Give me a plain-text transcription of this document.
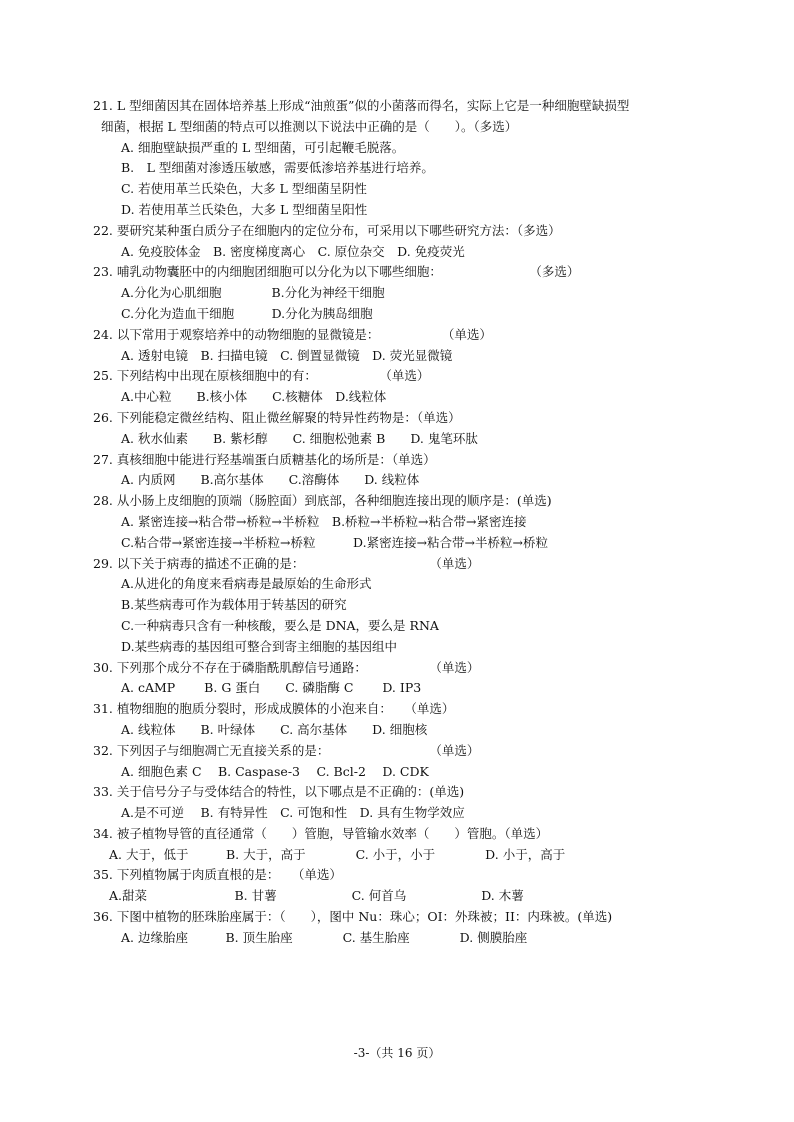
21. L 型细菌因其在固体培养基上形成“油煎蛋”似的小菌落而得名，实际上它是一种细胞壁缺损型
细菌，根据 L 型细菌的特点可以推测以下说法中正确的是（　　）。（多选）
A. 细胞壁缺损严重的 L 型细菌，可引起鞭毛脱落。
B.　L 型细菌对渗透压敏感，需要低渗培养基进行培养。
C. 若使用革兰氏染色，大多 L 型细菌呈阴性
D. 若使用革兰氏染色，大多 L 型细菌呈阳性
22. 要研究某种蛋白质分子在细胞内的定位分布，可采用以下哪些研究方法：（多选）
A. 免疫胶体金　B. 密度梯度离心　C. 原位杂交　D. 免疫荧光
23. 哺乳动物囊胚中的内细胞团细胞可以分化为以下哪些细胞：　　　　　　　　（多选）
A.分化为心肌细胞　　　　B.分化为神经干细胞
C.分化为造血干细胞　　　D.分化为胰岛细胞
24. 以下常用于观察培养中的动物细胞的显微镜是：　　　　　　（单选）
A. 透射电镜　B. 扫描电镜　C. 倒置显微镜　D. 荧光显微镜
25. 下列结构中出现在原核细胞中的有：　　　　　　（单选）
A.中心粒　　B.核小体　　C.核糖体　D.线粒体
26. 下列能稳定微丝结构、阻止微丝解聚的特异性药物是：（单选）
A. 秋水仙素　　B. 紫杉醇　　C. 细胞松弛素 B　　D. 鬼笔环肽
27. 真核细胞中能进行羟基端蛋白质糖基化的场所是：（单选）
A. 内质网　　B.高尔基体　　C.溶酶体　　D. 线粒体
28. 从小肠上皮细胞的顶端（肠腔面）到底部，各种细胞连接出现的顺序是：(单选)
A. 紧密连接→粘合带→桥粒→半桥粒　B.桥粒→半桥粒→粘合带→紧密连接
C.粘合带→紧密连接→半桥粒→桥粒　　　D.紧密连接→粘合带→半桥粒→桥粒
29. 以下关于病毒的描述不正确的是：　　　　　　　　　　　（单选）
A.从进化的角度来看病毒是最原始的生命形式
B.某些病毒可作为载体用于转基因的研究
C.一种病毒只含有一种核酸，要么是 DNA，要么是 RNA
D.某些病毒的基因组可整合到寄主细胞的基因组中
30. 下列那个成分不存在于磷脂酰肌醇信号通路：　　　　　　（单选）
A. cAMP　　 B. G 蛋白　　C. 磷脂酶 C　　 D. IP3
31. 植物细胞的胞质分裂时，形成成膜体的小泡来自：　　（单选）
A. 线粒体　　B. 叶绿体　　C. 高尔基体　　D. 细胞核
32. 下列因子与细胞凋亡无直接关系的是：　　　　　　　　　（单选）
A. 细胞色素 C　 B. Caspase-3　 C. Bcl-2　 D. CDK
33. 关于信号分子与受体结合的特性，以下哪点是不正确的：(单选)
A.是不可逆　 B. 有特异性　C. 可饱和性　D. 具有生物学效应
34. 被子植物导管的直径通常（　　）管胞，导管输水效率（　　）管胞。（单选）
A. 大于，低于　　　B. 大于，高于　　　　C. 小于，小于　　　　D. 小于，高于
35. 下列植物属于肉质直根的是：　　（单选）
A.甜菜　　　　　　　B. 甘薯　　　　　　C. 何首乌　　　　　　D. 木薯
36. 下图中植物的胚珠胎座属于：（　　），图中 Nu：珠心；OI：外珠被；II：内珠被。(单选)
A. 边缘胎座　　　B. 顶生胎座　　　　C. 基生胎座　　　　D. 侧膜胎座
-3-（共 16 页）
